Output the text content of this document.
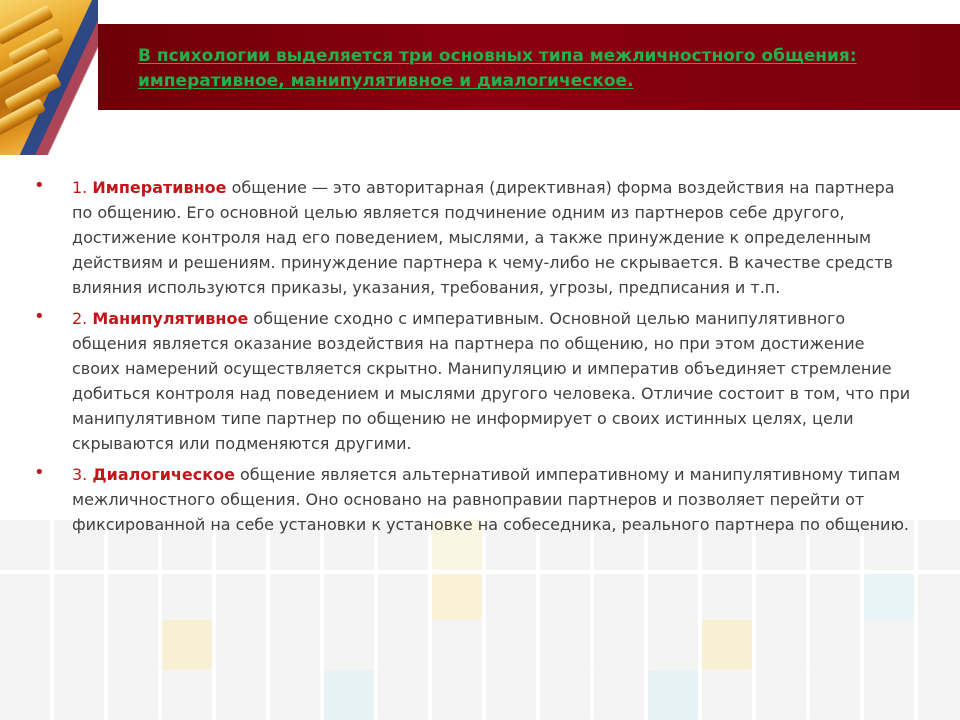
В психологии выделяется три основных типа межличностного общения: императивное, манипулятивное и диалогическое.
• 1. Императивное общение — это авторитарная (директивная) форма воздействия на партнера по общению. Его основной целью является подчинение одним из партнеров себе другого, достижение контроля над его поведением, мыслями, а также принуждение к определенным действиям и решениям. принуждение партнера к чему-либо не скрывается. В качестве средств влияния используются приказы, указания, требования, угрозы, предписания и т.п.
• 2. Манипулятивное общение сходно с императивным. Основной целью манипулятивного общения является оказание воздействия на партнера по общению, но при этом достижение своих намерений осуществляется скрытно. Манипуляцию и императив объединяет стремление добиться контроля над поведением и мыслями другого человека. Отличие состоит в том, что при манипулятивном типе партнер по общению не информирует о своих истинных целях, цели скрываются или подменяются другими.
• 3. Диалогическое общение является альтернативой императивному и манипулятивному типам межличностного общения. Оно основано на равноправии партнеров и позволяет перейти от фиксированной на себе установки к установке на собеседника, реального партнера по общению.
